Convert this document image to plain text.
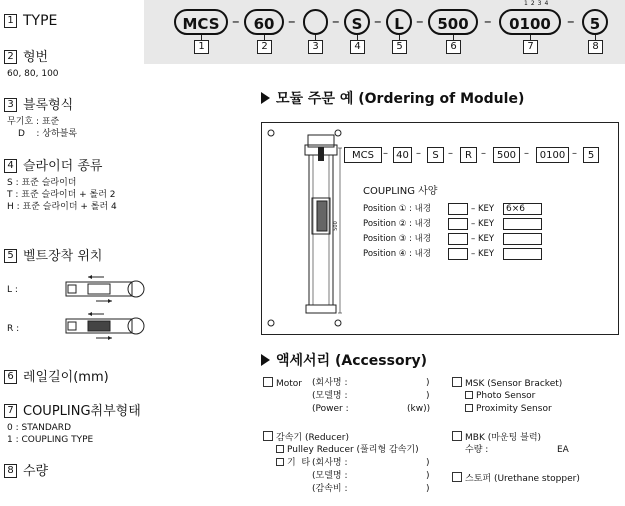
1 TYPE
2 형번
60, 80, 100
3 블록형식
무기호 : 표준
D    : 상하블록
4 슬라이더 종류
S : 표준 슬라이더
T : 표준 슬라이더 + 롤러 2
H : 표준 슬라이더 + 롤러 4
5 벨트장착 위치
L :
R :
6 레일길이(mm)
7 COUPLING취부형태
0 : STANDARD
1 : COUPLING TYPE
8 수량
1234
MCS – 60 – – S – L – 500	–	0100	–	5
1	2	3	4	5	6	7	8
모듈 주문 예 (Ordering of Module)
500
MCS – 40 –	S –	R –	500 –	0100 –	5
COUPLING 사양
Position ① : 내경	– KEY	6×6
Position ② : 내경	– KEY
Position ③ : 내경	– KEY
Position ④ : 내경	– KEY
액세서리 (Accessory)
Motor (회사명 :	)
(모델명 :	)
(Power :	(kw))
감속기 (Reducer)
Pulley Reducer (풀리형 감속기)
기  타 (회사명 :	)
(모델명 :	)
(감속비 :	)
MSK (Sensor Bracket)
Photo Sensor
Proximity Sensor
MBK (마운팅 블럭)
수량 :	EA
스토퍼 (Urethane stopper)
